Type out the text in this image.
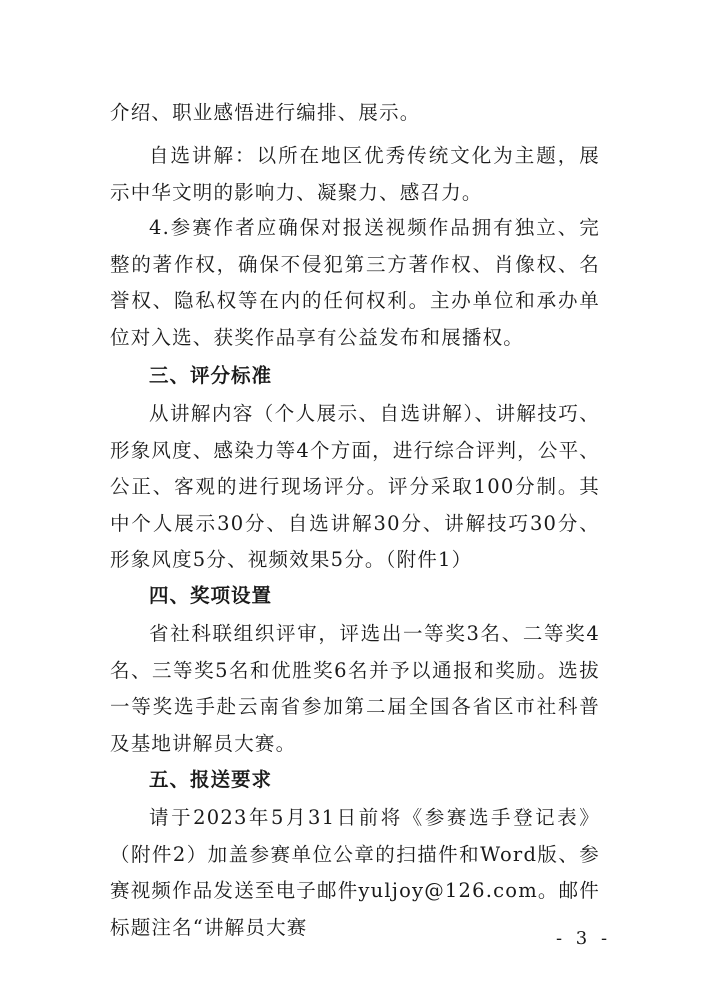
介绍、职业感悟进行编排、展示。

自选讲解：以所在地区优秀传统文化为主题，展示中华文明的影响力、凝聚力、感召力。

4.参赛作者应确保对报送视频作品拥有独立、完整的著作权，确保不侵犯第三方著作权、肖像权、名誉权、隐私权等在内的任何权利。主办单位和承办单位对入选、获奖作品享有公益发布和展播权。

三、评分标准

从讲解内容（个人展示、自选讲解）、讲解技巧、形象风度、感染力等4个方面，进行综合评判，公平、公正、客观的进行现场评分。评分采取100分制。其中个人展示30分、自选讲解30分、讲解技巧30分、形象风度5分、视频效果5分。（附件1）

四、奖项设置

省社科联组织评审，评选出一等奖3名、二等奖4名、三等奖5名和优胜奖6名并予以通报和奖励。选拔一等奖选手赴云南省参加第二届全国各省区市社科普及基地讲解员大赛。

五、报送要求

请于2023年5月31日前将《参赛选手登记表》（附件2）加盖参赛单位公章的扫描件和Word版、参赛视频作品发送至电子邮件yuljoy@126.com。邮件标题注名“讲解员大赛	- 3 -
